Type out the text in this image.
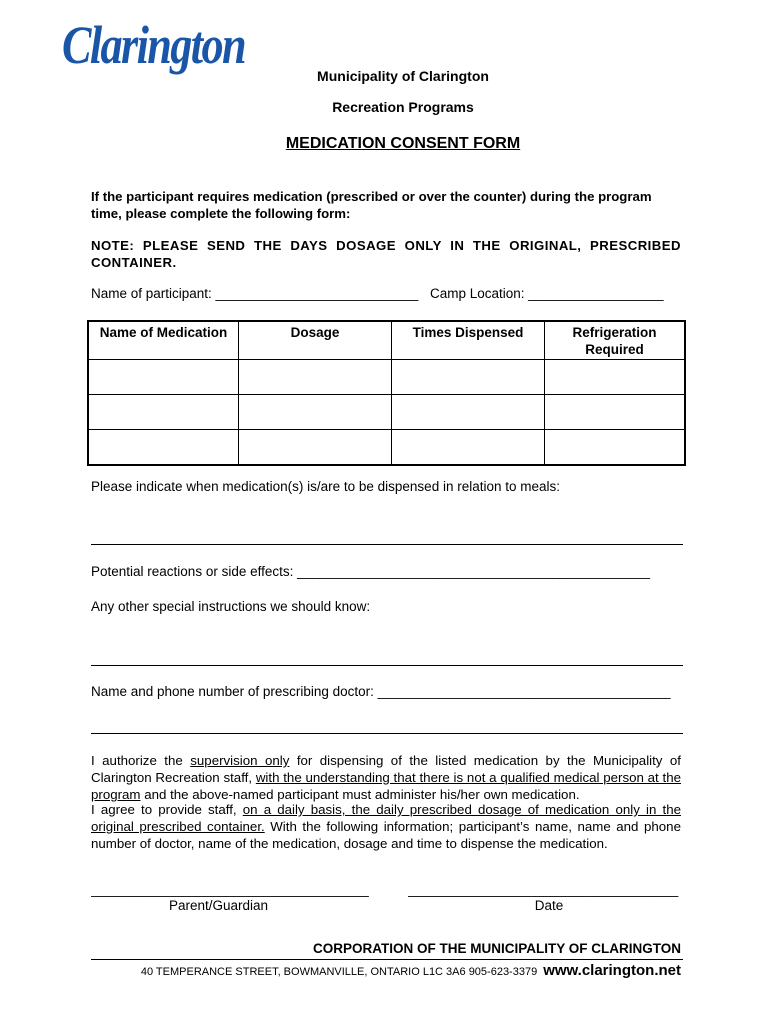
Clarington
Municipality of Clarington
Recreation Programs
MEDICATION CONSENT FORM
If the participant requires medication (prescribed or over the counter) during the program time, please complete the following form:
NOTE: PLEASE SEND THE DAYS DOSAGE ONLY IN THE ORIGINAL, PRESCRIBED CONTAINER.
Name of participant: ___________________________ Camp Location: __________________
Name of Medication	Dosage	Times Dispensed	Refrigeration Required

Please indicate when medication(s) is/are to be dispensed in relation to meals:
Potential reactions or side effects: _______________________________________________
Any other special instructions we should know:
Name and phone number of prescribing doctor: _______________________________________
I authorize the supervision only for dispensing of the listed medication by the Municipality of Clarington Recreation staff, with the understanding that there is not a qualified medical person at the program and the above-named participant must administer his/her own medication.
I agree to provide staff, on a daily basis, the daily prescribed dosage of medication only in the original prescribed container. With the following information; participant’s name, name and phone number of doctor, name of the medication, dosage and time to dispense the medication.
_____________________________________
Parent/Guardian
____________________________________
Date
CORPORATION OF THE MUNICIPALITY OF CLARINGTON
40 TEMPERANCE STREET, BOWMANVILLE, ONTARIO L1C 3A6 905-623-3379 www.clarington.net
